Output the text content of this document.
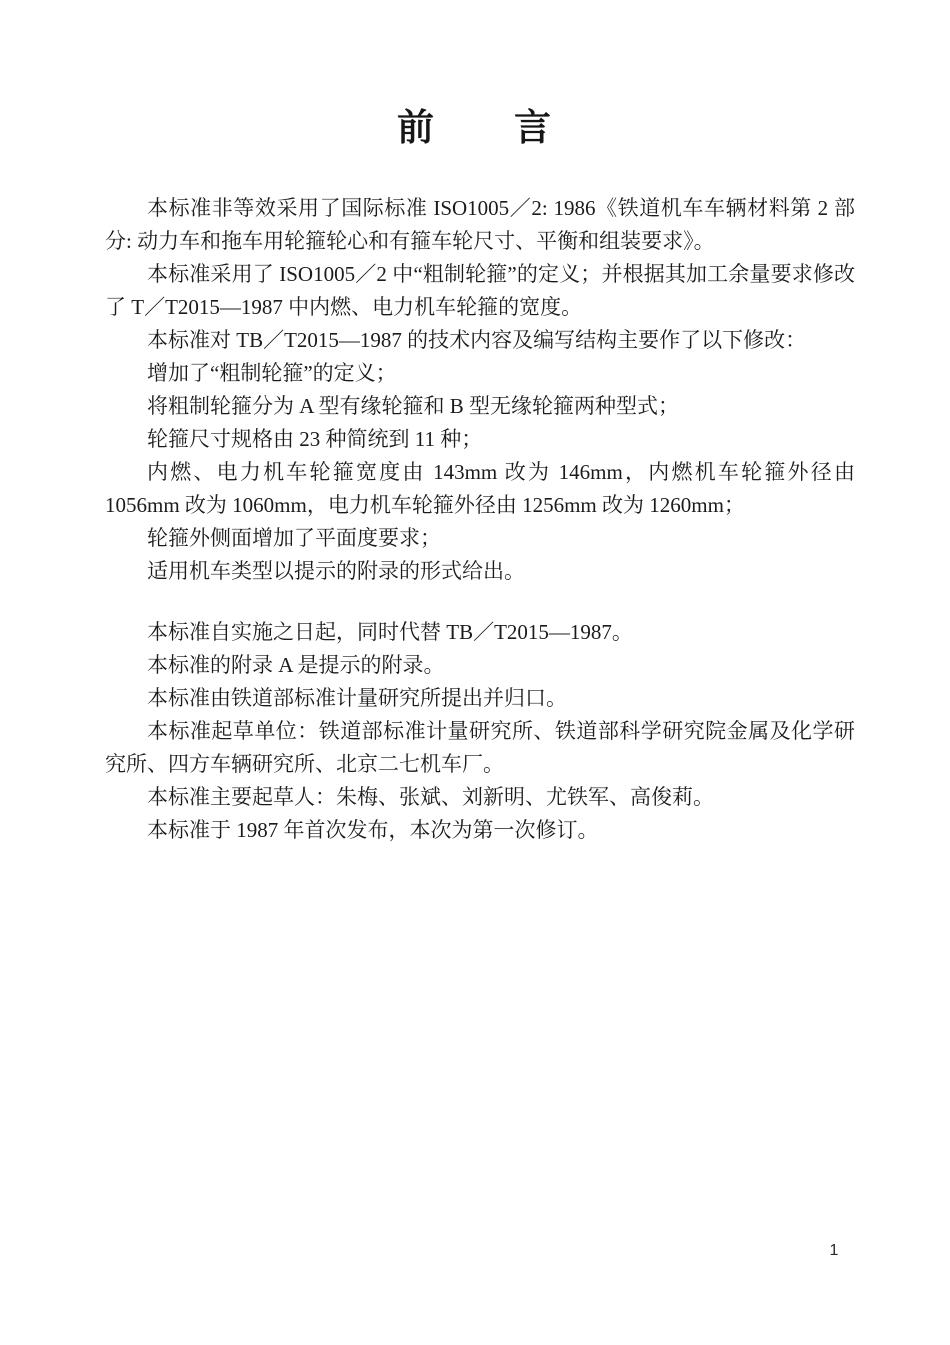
前　　言

本标准非等效采用了国际标准 ISO1005／2: 1986《铁道机车车辆材料第 2 部分: 动力车和拖车用轮箍轮心和有箍车轮尺寸、平衡和组装要求》。

本标准采用了 ISO1005／2 中“粗制轮箍”的定义；并根据其加工余量要求修改了 T／T2015—1987 中内燃、电力机车轮箍的宽度。

本标准对 TB／T2015—1987 的技术内容及编写结构主要作了以下修改：

增加了“粗制轮箍”的定义；

将粗制轮箍分为 A 型有缘轮箍和 B 型无缘轮箍两种型式；

轮箍尺寸规格由 23 种简统到 11 种；

内燃、电力机车轮箍宽度由 143mm 改为 146mm，内燃机车轮箍外径由 1056mm 改为 1060mm，电力机车轮箍外径由 1256mm 改为 1260mm；

轮箍外侧面增加了平面度要求；

适用机车类型以提示的附录的形式给出。

本标准自实施之日起，同时代替 TB／T2015—1987。

本标准的附录 A 是提示的附录。

本标准由铁道部标准计量研究所提出并归口。

本标准起草单位：铁道部标准计量研究所、铁道部科学研究院金属及化学研究所、四方车辆研究所、北京二七机车厂。

本标准主要起草人：朱梅、张斌、刘新明、尤铁军、高俊莉。

本标准于 1987 年首次发布，本次为第一次修订。

1
